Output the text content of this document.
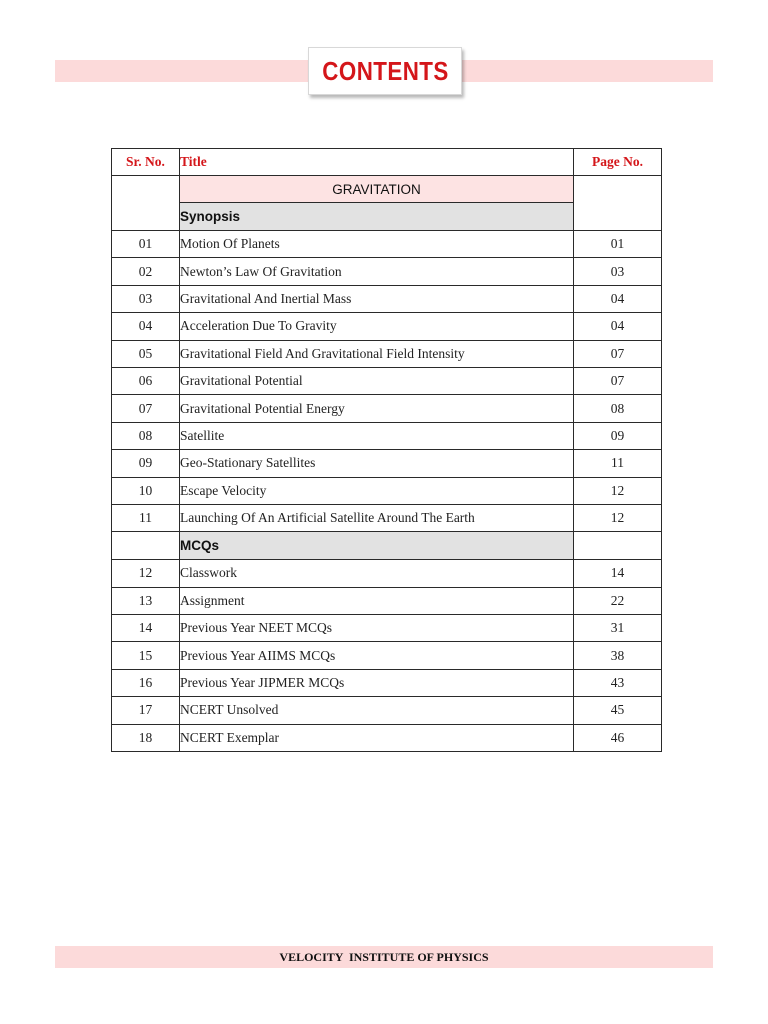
CONTENTS
Sr. No.	Title	Page No.
	GRAVITATION	
	Synopsis	
01	Motion Of Planets	01
02	Newton’s Law Of Gravitation	03
03	Gravitational And Inertial Mass	04
04	Acceleration Due To Gravity	04
05	Gravitational Field And Gravitational Field Intensity	07
06	Gravitational Potential	07
07	Gravitational Potential Energy	08
08	Satellite	09
09	Geo-Stationary Satellites	11
10	Escape Velocity	12
11	Launching Of An Artificial Satellite Around The Earth	12
	MCQs	
12	Classwork	14
13	Assignment	22
14	Previous Year NEET MCQs	31
15	Previous Year AIIMS MCQs	38
16	Previous Year JIPMER MCQs	43
17	NCERT Unsolved	45
18	NCERT Exemplar	46
VELOCITY  INSTITUTE OF PHYSICS
